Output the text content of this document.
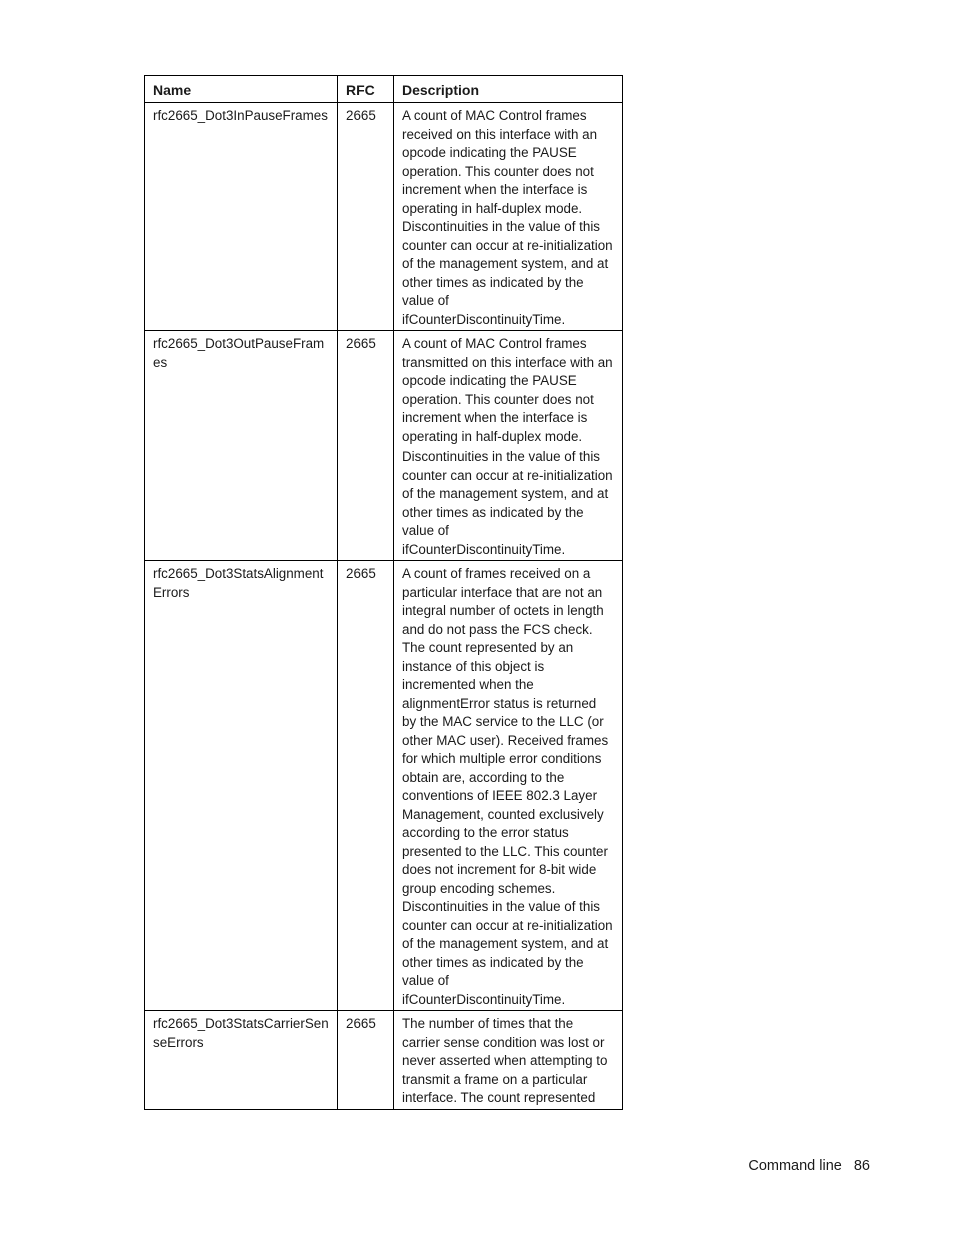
Name	RFC	Description
rfc2665_Dot3InPauseFrames	2665	A count of MAC Control frames received on this interface with an opcode indicating the PAUSE operation. This counter does not increment when the interface is operating in half-duplex mode. Discontinuities in the value of this counter can occur at re-initialization of the management system, and at other times as indicated by the value of ifCounterDiscontinuityTime.

rfc2665_Dot3OutPauseFrames	2665	A count of MAC Control frames transmitted on this interface with an opcode indicating the PAUSE operation. This counter does not increment when the interface is operating in half-duplex mode.

Discontinuities in the value of this counter can occur at re-initialization of the management system, and at other times as indicated by the value of ifCounterDiscontinuityTime.

rfc2665_Dot3StatsAlignmentErrors	2665	A count of frames received on a particular interface that are not an integral number of octets in length and do not pass the FCS check. The count represented by an instance of this object is incremented when the alignmentError status is returned by the MAC service to the LLC (or other MAC user). Received frames for which multiple error conditions obtain are, according to the conventions of IEEE 802.3 Layer Management, counted exclusively according to the error status presented to the LLC. This counter does not increment for 8-bit wide group encoding schemes. Discontinuities in the value of this counter can occur at re-initialization of the management system, and at other times as indicated by the value of ifCounterDiscontinuityTime.

rfc2665_Dot3StatsCarrierSenseErrors	2665	The number of times that the carrier sense condition was lost or never asserted when attempting to transmit a frame on a particular interface. The count represented

Command line 86
